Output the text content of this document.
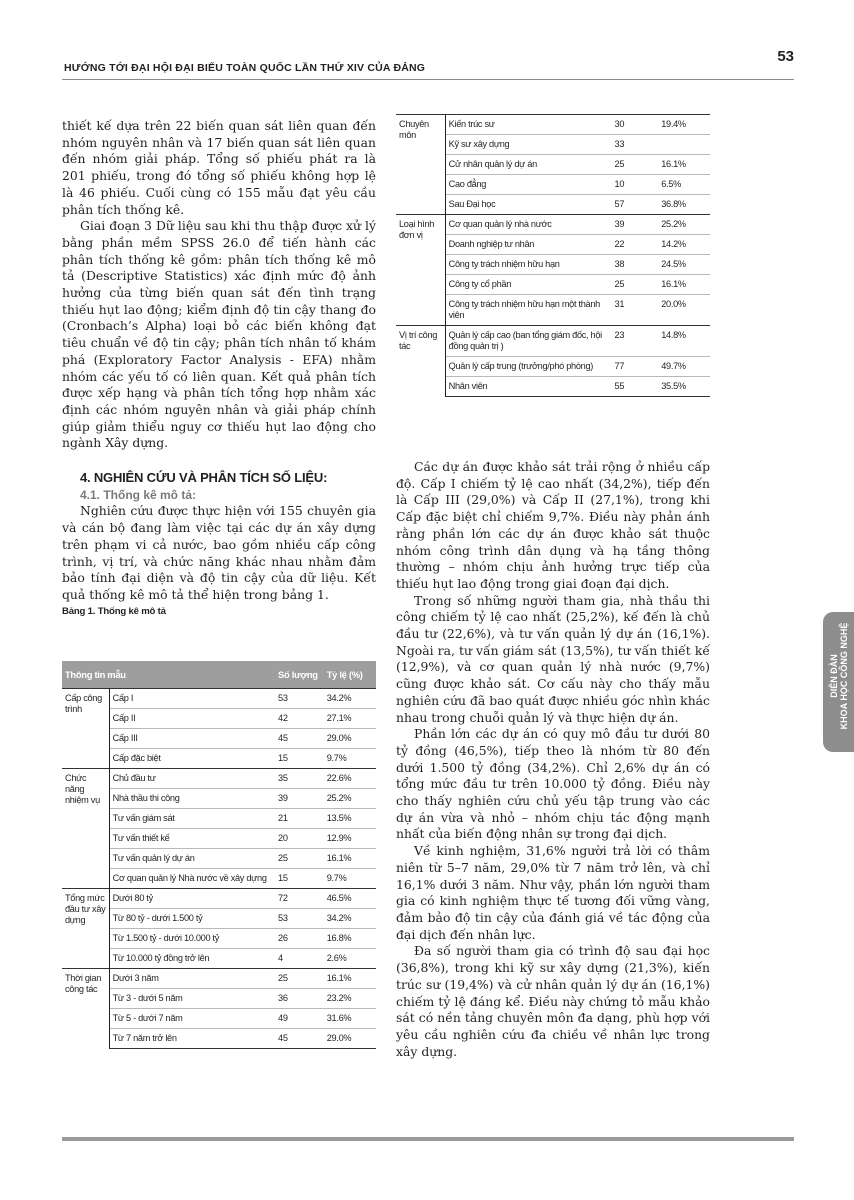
HƯỚNG TỚI ĐẠI HỘI ĐẠI BIỂU TOÀN QUỐC LẦN THỨ XIV CỦA ĐẢNG
53

thiết kế dựa trên 22 biến quan sát liên quan đến nhóm nguyên nhân và 17 biến quan sát liên quan đến nhóm giải pháp. Tổng số phiếu phát ra là 201 phiếu, trong đó tổng số phiếu không hợp lệ là 46 phiếu. Cuối cùng có 155 mẫu đạt yêu cầu phân tích thống kê.

Giai đoạn 3 Dữ liệu sau khi thu thập được xử lý bằng phần mềm SPSS 26.0 để tiến hành các phân tích thống kê gồm: phân tích thống kê mô tả (Descriptive Statistics) xác định mức độ ảnh hưởng của từng biến quan sát đến tình trạng thiếu hụt lao động; kiểm định độ tin cậy thang đo (Cronbach’s Alpha) loại bỏ các biến không đạt tiêu chuẩn về độ tin cậy; phân tích nhân tố khám phá (Exploratory Factor Analysis - EFA) nhằm nhóm các yếu tố có liên quan. Kết quả phân tích được xếp hạng và phân tích tổng hợp nhằm xác định các nhóm nguyên nhân và giải pháp chính giúp giảm thiểu nguy cơ thiếu hụt lao động cho ngành Xây dựng.

4. NGHIÊN CỨU VÀ PHÂN TÍCH SỐ LIỆU:
4.1. Thống kê mô tả:

Nghiên cứu được thực hiện với 155 chuyên gia và cán bộ đang làm việc tại các dự án xây dựng trên phạm vi cả nước, bao gồm nhiều cấp công trình, vị trí, và chức năng khác nhau nhằm đảm bảo tính đại diện và độ tin cậy của dữ liệu. Kết quả thống kê mô tả thể hiện trong bảng 1.

Bảng 1. Thống kê mô tả

Thông tin mẫu		Số lượng	Tỷ lệ (%)
Cấp công trình	Cấp I	53	34.2%
	Cấp II	42	27.1%
	Cấp III	45	29.0%
	Cấp đặc biệt	15	9.7%
Chức năng nhiệm vụ	Chủ đầu tư	35	22.6%
	Nhà thầu thi công	39	25.2%
	Tư vấn giám sát	21	13.5%
	Tư vấn thiết kế	20	12.9%
	Tư vấn quản lý dự án	25	16.1%
	Cơ quan quản lý Nhà nước về xây dựng	15	9.7%
Tổng mức đầu tư xây dựng	Dưới 80 tỷ	72	46.5%
	Từ 80 tỷ - dưới 1.500 tỷ	53	34.2%
	Từ 1.500 tỷ - dưới 10.000 tỷ	26	16.8%
	Từ 10.000 tỷ đồng trở lên	4	2.6%
Thời gian công tác	Dưới 3 năm	25	16.1%
	Từ 3 - dưới 5 năm	36	23.2%
	Từ 5 - dưới 7 năm	49	31.6%
	Từ 7 năm trở lên	45	29.0%
Chuyên môn	Kiến trúc sư	30	19.4%
	Kỹ sư xây dựng	33	
	Cử nhân quản lý dự án	25	16.1%
	Cao đẳng	10	6.5%
	Sau Đại học	57	36.8%
Loại hình đơn vị	Cơ quan quản lý nhà nước	39	25.2%
	Doanh nghiệp tư nhân	22	14.2%
	Công ty trách nhiệm hữu hạn	38	24.5%
	Công ty cổ phần	25	16.1%
	Công ty trách nhiệm hữu hạn một thành viên	31	20.0%
Vị trí công tác	Quản lý cấp cao (ban tổng giám đốc, hội đồng quản trị )	23	14.8%
	Quản lý cấp trung (trưởng/phó phòng)	77	49.7%
	Nhân viên	55	35.5%

Các dự án được khảo sát trải rộng ở nhiều cấp độ. Cấp I chiếm tỷ lệ cao nhất (34,2%), tiếp đến là Cấp III (29,0%) và Cấp II (27,1%), trong khi Cấp đặc biệt chỉ chiếm 9,7%. Điều này phản ánh rằng phần lớn các dự án được khảo sát thuộc nhóm công trình dân dụng và hạ tầng thông thường – nhóm chịu ảnh hưởng trực tiếp của thiếu hụt lao động trong giai đoạn đại dịch.

Trong số những người tham gia, nhà thầu thi công chiếm tỷ lệ cao nhất (25,2%), kế đến là chủ đầu tư (22,6%), và tư vấn quản lý dự án (16,1%). Ngoài ra, tư vấn giám sát (13,5%), tư vấn thiết kế (12,9%), và cơ quan quản lý nhà nước (9,7%) cũng được khảo sát. Cơ cấu này cho thấy mẫu nghiên cứu đã bao quát được nhiều góc nhìn khác nhau trong chuỗi quản lý và thực hiện dự án.

Phần lớn các dự án có quy mô đầu tư dưới 80 tỷ đồng (46,5%), tiếp theo là nhóm từ 80 đến dưới 1.500 tỷ đồng (34,2%). Chỉ 2,6% dự án có tổng mức đầu tư trên 10.000 tỷ đồng. Điều này cho thấy nghiên cứu chủ yếu tập trung vào các dự án vừa và nhỏ – nhóm chịu tác động mạnh nhất của biến động nhân sự trong đại dịch.

Về kinh nghiệm, 31,6% người trả lời có thâm niên từ 5–7 năm, 29,0% từ 7 năm trở lên, và chỉ 16,1% dưới 3 năm. Như vậy, phần lớn người tham gia có kinh nghiệm thực tế tương đối vững vàng, đảm bảo độ tin cậy của đánh giá về tác động của đại dịch đến nhân lực.

Đa số người tham gia có trình độ sau đại học (36,8%), trong khi kỹ sư xây dựng (21,3%), kiến trúc sư (19,4%) và cử nhân quản lý dự án (16,1%) chiếm tỷ lệ đáng kể. Điều này chứng tỏ mẫu khảo sát có nền tảng chuyên môn đa dạng, phù hợp với yêu cầu nghiên cứu đa chiều về nhân lực trong xây dựng.

DIỄN ĐÀN KHOA HỌC CÔNG NGHỆ
